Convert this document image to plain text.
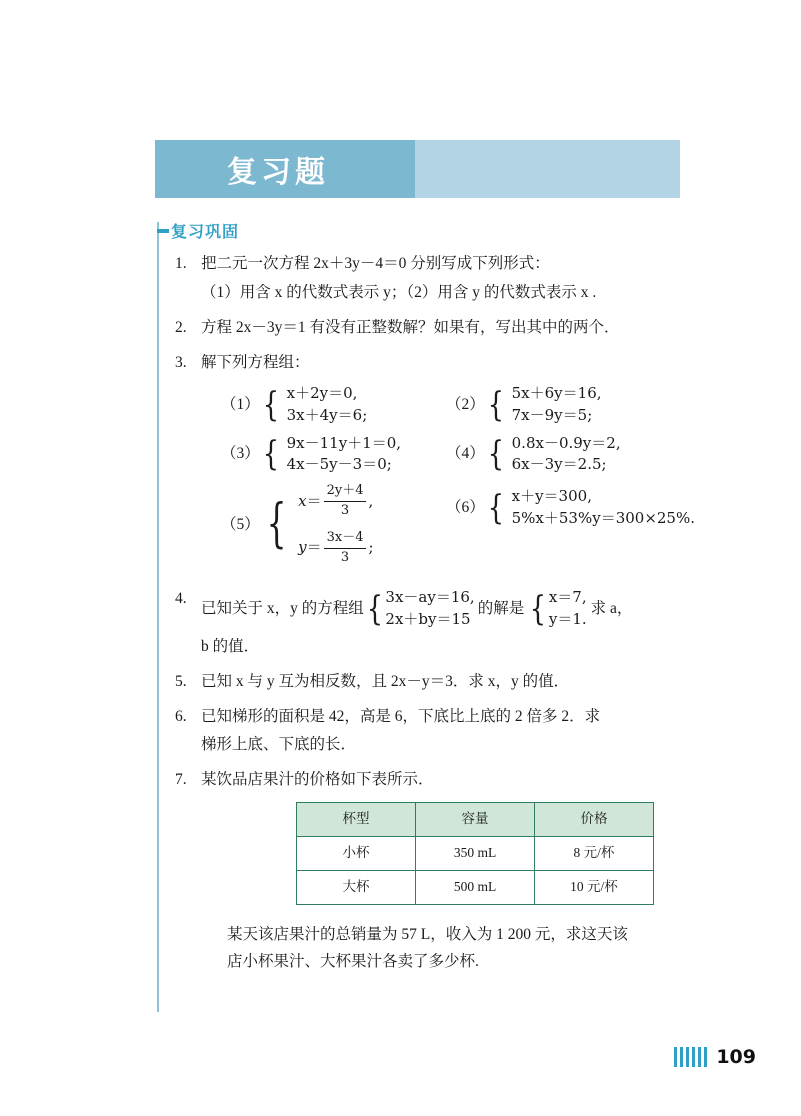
复习题
复习巩固
1. 把二元一次方程 2x＋3y－4＝0 分别写成下列形式：
（1）用含 x 的代数式表示 y；（2）用含 y 的代数式表示 x .
2. 方程 2x－3y＝1 有没有正整数解？如果有，写出其中的两个．
3. 解下列方程组：
（1） { x＋2y＝0,
3x＋4y＝6;
（2） { 5x＋6y＝16,
7x－9y＝5;
（3） { 9x－11y＋1＝0,
4x－5y－3＝0;
（4） { 0.8x－0.9y＝2,
6x－3y＝2.5;
（5） { $x = \frac{2y+4}{3}$ ,
$y = \frac{3x-4}{3}$ ;
（6） { x＋y＝300,
5%x＋53%y＝300×25%.
4.
已知关于 x，y 的方程组 { 3x－ay＝16,
2x＋by＝15
的解是 { x＝7,
y＝1.
求 a，
b 的值．
5. 已知 x 与 y 互为相反数，且 2x－y＝3．求 x，y 的值．
6. 已知梯形的面积是 42，高是 6，下底比上底的 2 倍多 2．求
梯形上底、下底的长．
7. 某饮品店果汁的价格如下表所示．
杯型	容量	价格
小杯	350 mL	8 元/杯
大杯	500 mL	10 元/杯
某天该店果汁的总销量为 57 L，收入为 1 200 元，求这天该
店小杯果汁、大杯果汁各卖了多少杯.
109
